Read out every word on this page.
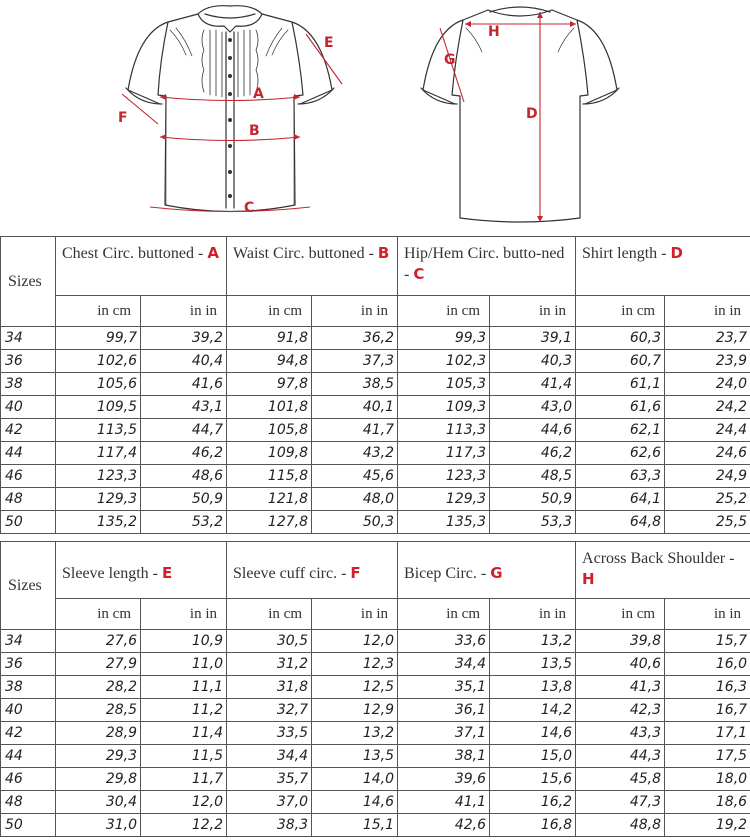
A
B
C
D
E
F
G
H
Sizes	Chest Circ. buttoned - A		Waist Circ. buttoned - B		Hip/Hem Circ. butto-ned - C		Shirt length - D	
	in cm	in in	in cm	in in	in cm	in in	in cm	in in
34	99,7	39,2	91,8	36,2	99,3	39,1	60,3	23,7
36	102,6	40,4	94,8	37,3	102,3	40,3	60,7	23,9
38	105,6	41,6	97,8	38,5	105,3	41,4	61,1	24,0
40	109,5	43,1	101,8	40,1	109,3	43,0	61,6	24,2
42	113,5	44,7	105,8	41,7	113,3	44,6	62,1	24,4
44	117,4	46,2	109,8	43,2	117,3	46,2	62,6	24,6
46	123,3	48,6	115,8	45,6	123,3	48,5	63,3	24,9
48	129,3	50,9	121,8	48,0	129,3	50,9	64,1	25,2
50	135,2	53,2	127,8	50,3	135,3	53,3	64,8	25,5
Sizes	Sleeve length - E		Sleeve cuff circ. - F		Bicep Circ. - G		Across Back Shoulder - H	
	in cm	in in	in cm	in in	in cm	in in	in cm	in in
34	27,6	10,9	30,5	12,0	33,6	13,2	39,8	15,7
36	27,9	11,0	31,2	12,3	34,4	13,5	40,6	16,0
38	28,2	11,1	31,8	12,5	35,1	13,8	41,3	16,3
40	28,5	11,2	32,7	12,9	36,1	14,2	42,3	16,7
42	28,9	11,4	33,5	13,2	37,1	14,6	43,3	17,1
44	29,3	11,5	34,4	13,5	38,1	15,0	44,3	17,5
46	29,8	11,7	35,7	14,0	39,6	15,6	45,8	18,0
48	30,4	12,0	37,0	14,6	41,1	16,2	47,3	18,6
50	31,0	12,2	38,3	15,1	42,6	16,8	48,8	19,2
